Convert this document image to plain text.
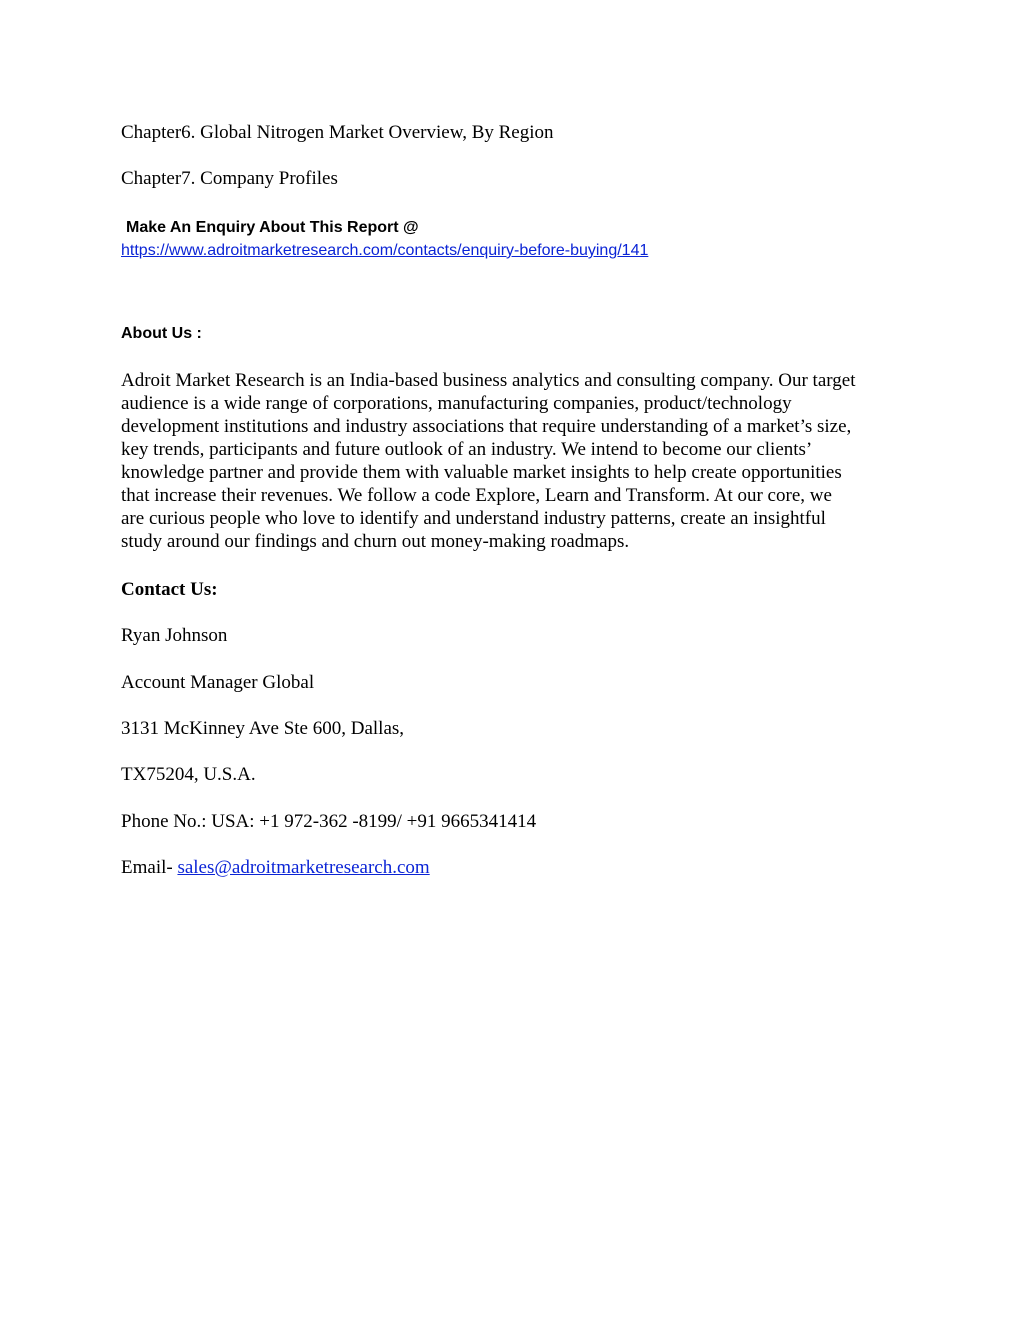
Chapter6. Global Nitrogen Market Overview, By Region

Chapter7. Company Profiles

Make An Enquiry About This Report @

https://www.adroitmarketresearch.com/contacts/enquiry-before-buying/141

About Us :

Adroit Market Research is an India-based business analytics and consulting company. Our target
audience is a wide range of corporations, manufacturing companies, product/technology
development institutions and industry associations that require understanding of a market’s size,
key trends, participants and future outlook of an industry. We intend to become our clients’
knowledge partner and provide them with valuable market insights to help create opportunities
that increase their revenues. We follow a code Explore, Learn and Transform. At our core, we
are curious people who love to identify and understand industry patterns, create an insightful
study around our findings and churn out money-making roadmaps.

Contact Us:

Ryan Johnson

Account Manager Global

3131 McKinney Ave Ste 600, Dallas,

TX75204, U.S.A.

Phone No.: USA: +1 972-362 -8199/ +91 9665341414

Email- sales@adroitmarketresearch.com
